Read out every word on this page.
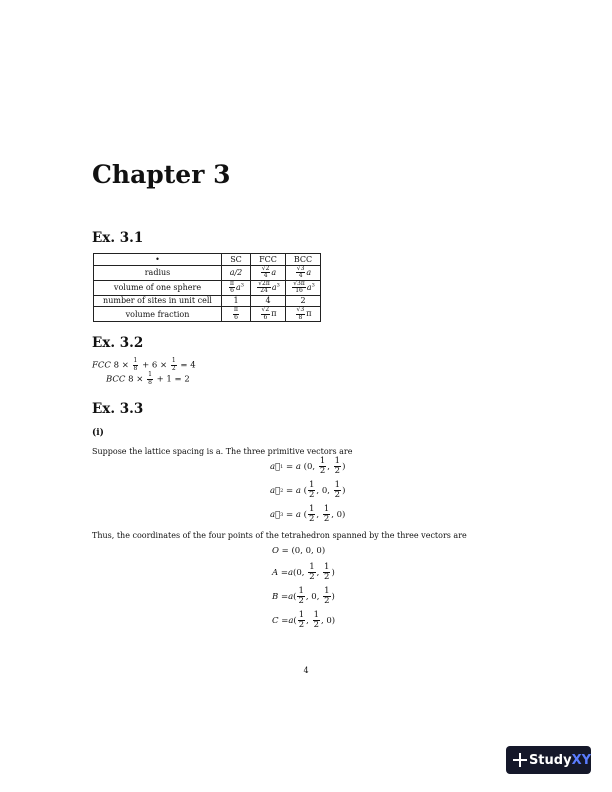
Chapter 3
Ex. 3.1
•	SC	FCC	BCC
radius	a/2	$\frac{√2}{4}$ a	$\frac{√3}{4}$ a
volume of one sphere	$\frac{\pi}{6} a^3$	$\frac{√2\pi}{24} a^3$	$\frac{√3\pi}{16} a^3$
number of sites in unit cell	1	4	2
volume fraction	$\frac{\pi}{6}$	$\frac{√2}{6}$ π	$\frac{√3}{8}$ π
Ex. 3.2
FCC $8 \times \frac{1}{8} + 6 \times \frac{1}{2} = 4$
BCC $8 \times \frac{1}{8} + 1 = 2$
Ex. 3.3
(i)
Suppose the lattice spacing is a. The three primitive vectors are
a⃗ 1 = a (0, $\frac{1}{2}$ , $\frac{1}{2}$ )
a⃗ 2 = a ( $\frac{1}{2}$ , 0, $\frac{1}{2}$ )
a⃗ 3 = a ( $\frac{1}{2}$ , $\frac{1}{2}$ , 0)
Thus, the coordinates of the four points of the tetrahedron spanned by the three vectors are
O = (0, 0, 0)
A = a (0, $\frac{1}{2}$ , $\frac{1}{2}$ )
B = a ( $\frac{1}{2}$ , 0, $\frac{1}{2}$ )
C = a ( $\frac{1}{2}$ , $\frac{1}{2}$ , 0)
4
Study XY
